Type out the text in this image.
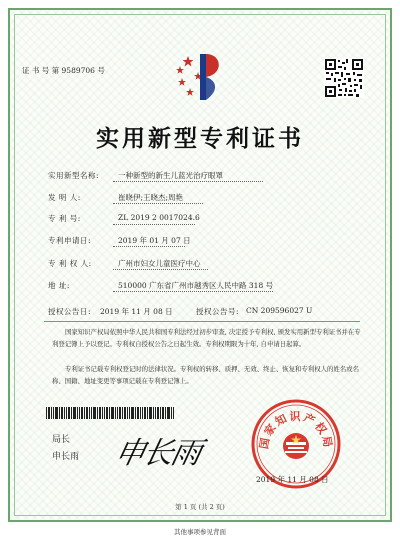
证 书 号 第 9589706 号
实用新型专利证书
实用新型名称:	一种新型的新生儿蓝光治疗眼罩
发 明 人:	崔晓伊;王晓杰;周艳
专 利 号:	ZL 2019 2 0017024.6
专利申请日:	2019 年 01 月 07 日
专 利 权 人:	广州市妇女儿童医疗中心
地 址:	510000 广东省广州市越秀区人民中路 318 号
授权公告日: 2019 年 11 月 08 日	授权公告号: CN 209596027 U
国家知识产权局依照中华人民共和国专利法经过初步审查, 决定授予专利权, 颁发实用新型专利证书并在专利登记簿上予以登记。专利权自授权公告之日起生效。专利权期限为十年, 自申请日起算。
专利证书记载专利权登记时的法律状况。专利权的转移、质押、无效、终止、恢复和专利权人的姓名或名称、国籍、地址变更等事项记载在专利登记簿上。
局长
申长雨 申长雨	国家知识产权局
2019 年 11 月 08 日
第 1 页 (共 2 页)
其他事项参见背面
